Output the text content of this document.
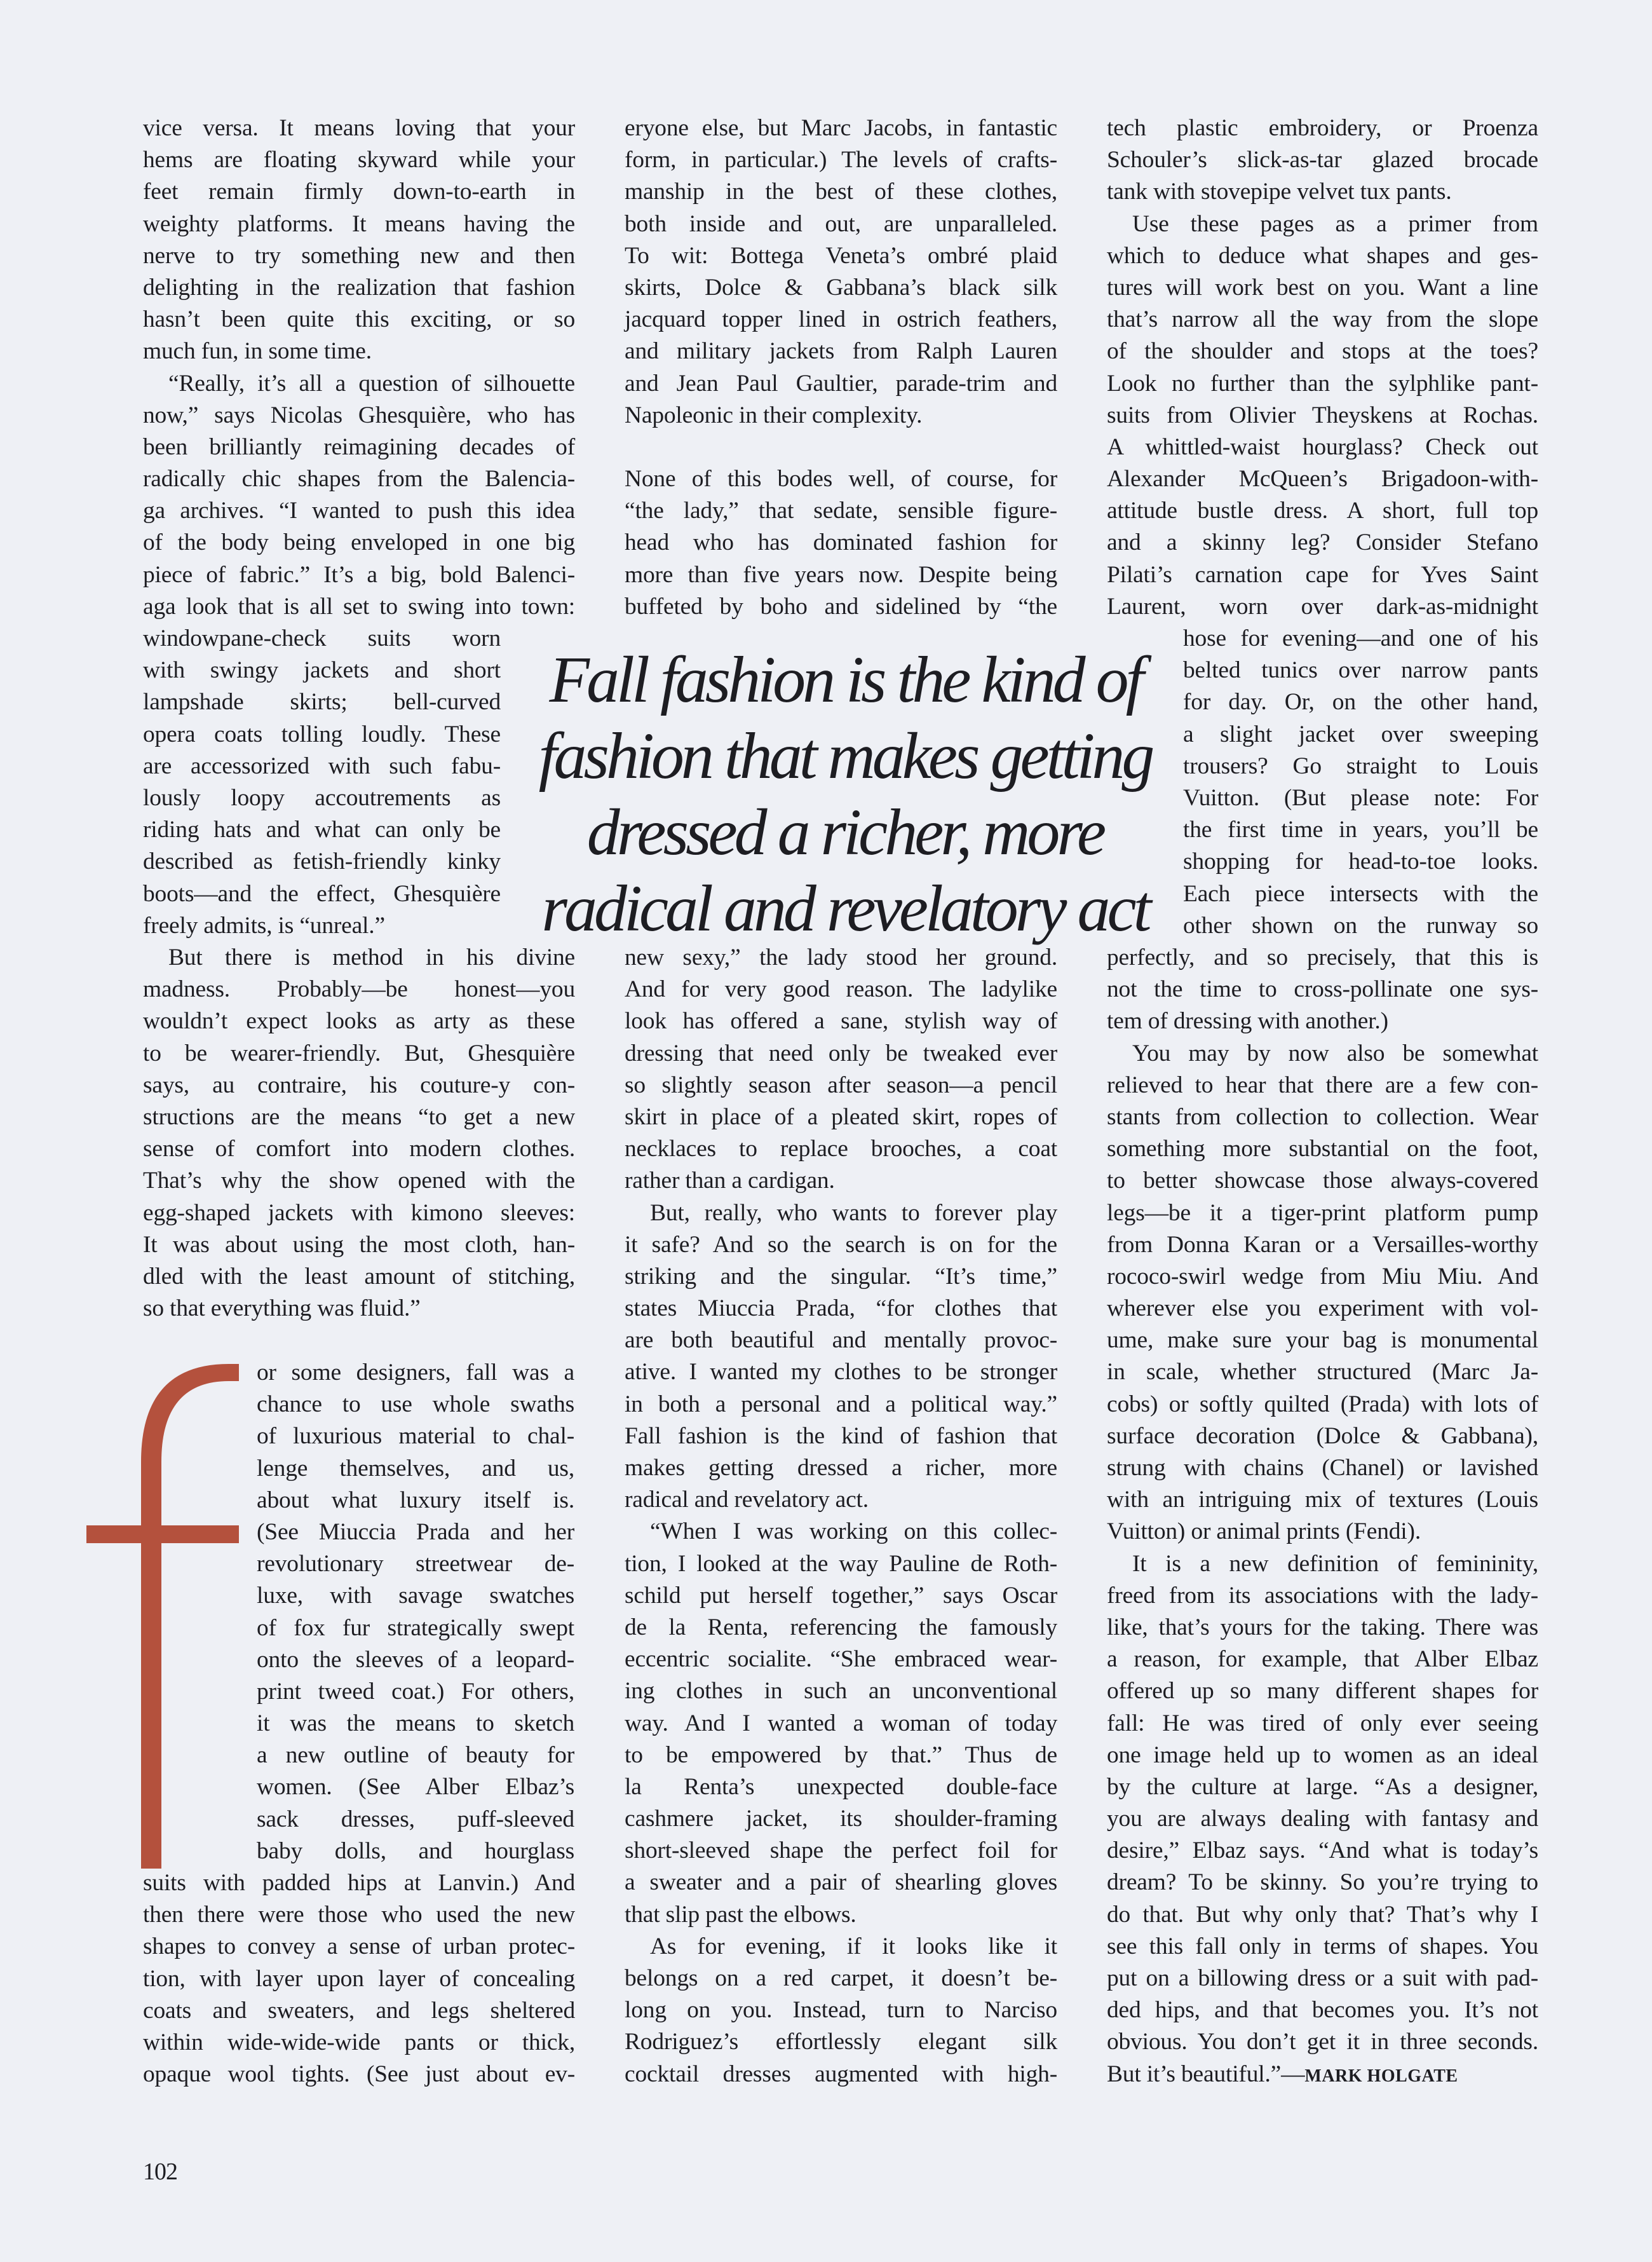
vice versa. It means loving that your
hems are floating skyward while your
feet remain firmly down-to-earth in
weighty platforms. It means having the
nerve to try something new and then
delighting in the realization that fashion
hasn’t been quite this exciting, or so
much fun, in some time.
“Really, it’s all a question of silhouette
now,” says Nicolas Ghesquière, who has
been brilliantly reimagining decades of
radically chic shapes from the Balencia-
ga archives. “I wanted to push this idea
of the body being enveloped in one big
piece of fabric.” It’s a big, bold Balenci-
aga look that is all set to swing into town:
windowpane-check suits worn
with swingy jackets and short
lampshade skirts; bell-curved
opera coats tolling loudly. These
are accessorized with such fabu-
lously loopy accoutrements as
riding hats and what can only be
described as fetish-friendly kinky
boots—and the effect, Ghesquière
freely admits, is “unreal.”
But there is method in his divine
madness. Probably—be honest—you
wouldn’t expect looks as arty as these
to be wearer-friendly. But, Ghesquière
says, au contraire, his couture-y con-
structions are the means “to get a new
sense of comfort into modern clothes.
That’s why the show opened with the
egg-shaped jackets with kimono sleeves:
It was about using the most cloth, han-
dled with the least amount of stitching,
so that everything was fluid.”
or some designers, fall was a
chance to use whole swaths
of luxurious material to chal-
lenge themselves, and us,
about what luxury itself is.
(See Miuccia Prada and her
revolutionary streetwear de-
luxe, with savage swatches
of fox fur strategically swept
onto the sleeves of a leopard-
print tweed coat.) For others,
it was the means to sketch
a new outline of beauty for
women. (See Alber Elbaz’s
sack dresses, puff-sleeved
baby dolls, and hourglass
suits with padded hips at Lanvin.) And
then there were those who used the new
shapes to convey a sense of urban protec-
tion, with layer upon layer of concealing
coats and sweaters, and legs sheltered
within wide-wide-wide pants or thick,
opaque wool tights. (See just about ev-
eryone else, but Marc Jacobs, in fantastic
form, in particular.) The levels of crafts-
manship in the best of these clothes,
both inside and out, are unparalleled.
To wit: Bottega Veneta’s ombré plaid
skirts, Dolce & Gabbana’s black silk
jacquard topper lined in ostrich feathers,
and military jackets from Ralph Lauren
and Jean Paul Gaultier, parade-trim and
Napoleonic in their complexity.
None of this bodes well, of course, for
“the lady,” that sedate, sensible figure-
head who has dominated fashion for
more than five years now. Despite being
buffeted by boho and sidelined by “the
new sexy,” the lady stood her ground.
And for very good reason. The ladylike
look has offered a sane, stylish way of
dressing that need only be tweaked ever
so slightly season after season—a pencil
skirt in place of a pleated skirt, ropes of
necklaces to replace brooches, a coat
rather than a cardigan.
But, really, who wants to forever play
it safe? And so the search is on for the
striking and the singular. “It’s time,”
states Miuccia Prada, “for clothes that
are both beautiful and mentally provoc-
ative. I wanted my clothes to be stronger
in both a personal and a political way.”
Fall fashion is the kind of fashion that
makes getting dressed a richer, more
radical and revelatory act.
“When I was working on this collec-
tion, I looked at the way Pauline de Roth-
schild put herself together,” says Oscar
de la Renta, referencing the famously
eccentric socialite. “She embraced wear-
ing clothes in such an unconventional
way. And I wanted a woman of today
to be empowered by that.” Thus de
la Renta’s unexpected double-face
cashmere jacket, its shoulder-framing
short-sleeved shape the perfect foil for
a sweater and a pair of shearling gloves
that slip past the elbows.
As for evening, if it looks like it
belongs on a red carpet, it doesn’t be-
long on you. Instead, turn to Narciso
Rodriguez’s effortlessly elegant silk
cocktail dresses augmented with high-
tech plastic embroidery, or Proenza
Schouler’s slick-as-tar glazed brocade
tank with stovepipe velvet tux pants.
Use these pages as a primer from
which to deduce what shapes and ges-
tures will work best on you. Want a line
that’s narrow all the way from the slope
of the shoulder and stops at the toes?
Look no further than the sylphlike pant-
suits from Olivier Theyskens at Rochas.
A whittled-waist hourglass? Check out
Alexander McQueen’s Brigadoon-with-
attitude bustle dress. A short, full top
and a skinny leg? Consider Stefano
Pilati’s carnation cape for Yves Saint
Laurent, worn over dark-as-midnight
hose for evening—and one of his
belted tunics over narrow pants
for day. Or, on the other hand,
a slight jacket over sweeping
trousers? Go straight to Louis
Vuitton. (But please note: For
the first time in years, you’ll be
shopping for head-to-toe looks.
Each piece intersects with the
other shown on the runway so
perfectly, and so precisely, that this is
not the time to cross-pollinate one sys-
tem of dressing with another.)
You may by now also be somewhat
relieved to hear that there are a few con-
stants from collection to collection. Wear
something more substantial on the foot,
to better showcase those always-covered
legs—be it a tiger-print platform pump
from Donna Karan or a Versailles-worthy
rococo-swirl wedge from Miu Miu. And
wherever else you experiment with vol-
ume, make sure your bag is monumental
in scale, whether structured (Marc Ja-
cobs) or softly quilted (Prada) with lots of
surface decoration (Dolce & Gabbana),
strung with chains (Chanel) or lavished
with an intriguing mix of textures (Louis
Vuitton) or animal prints (Fendi).
It is a new definition of femininity,
freed from its associations with the lady-
like, that’s yours for the taking. There was
a reason, for example, that Alber Elbaz
offered up so many different shapes for
fall: He was tired of only ever seeing
one image held up to women as an ideal
by the culture at large. “As a designer,
you are always dealing with fantasy and
desire,” Elbaz says. “And what is today’s
dream? To be skinny. So you’re trying to
do that. But why only that? That’s why I
see this fall only in terms of shapes. You
put on a billowing dress or a suit with pad-
ded hips, and that becomes you. It’s not
obvious. You don’t get it in three seconds.
But it’s beautiful.”—MARK HOLGATE
Fall fashion is the kind of
fashion that makes getting
dressed a richer, more
radical and revelatory act
102
